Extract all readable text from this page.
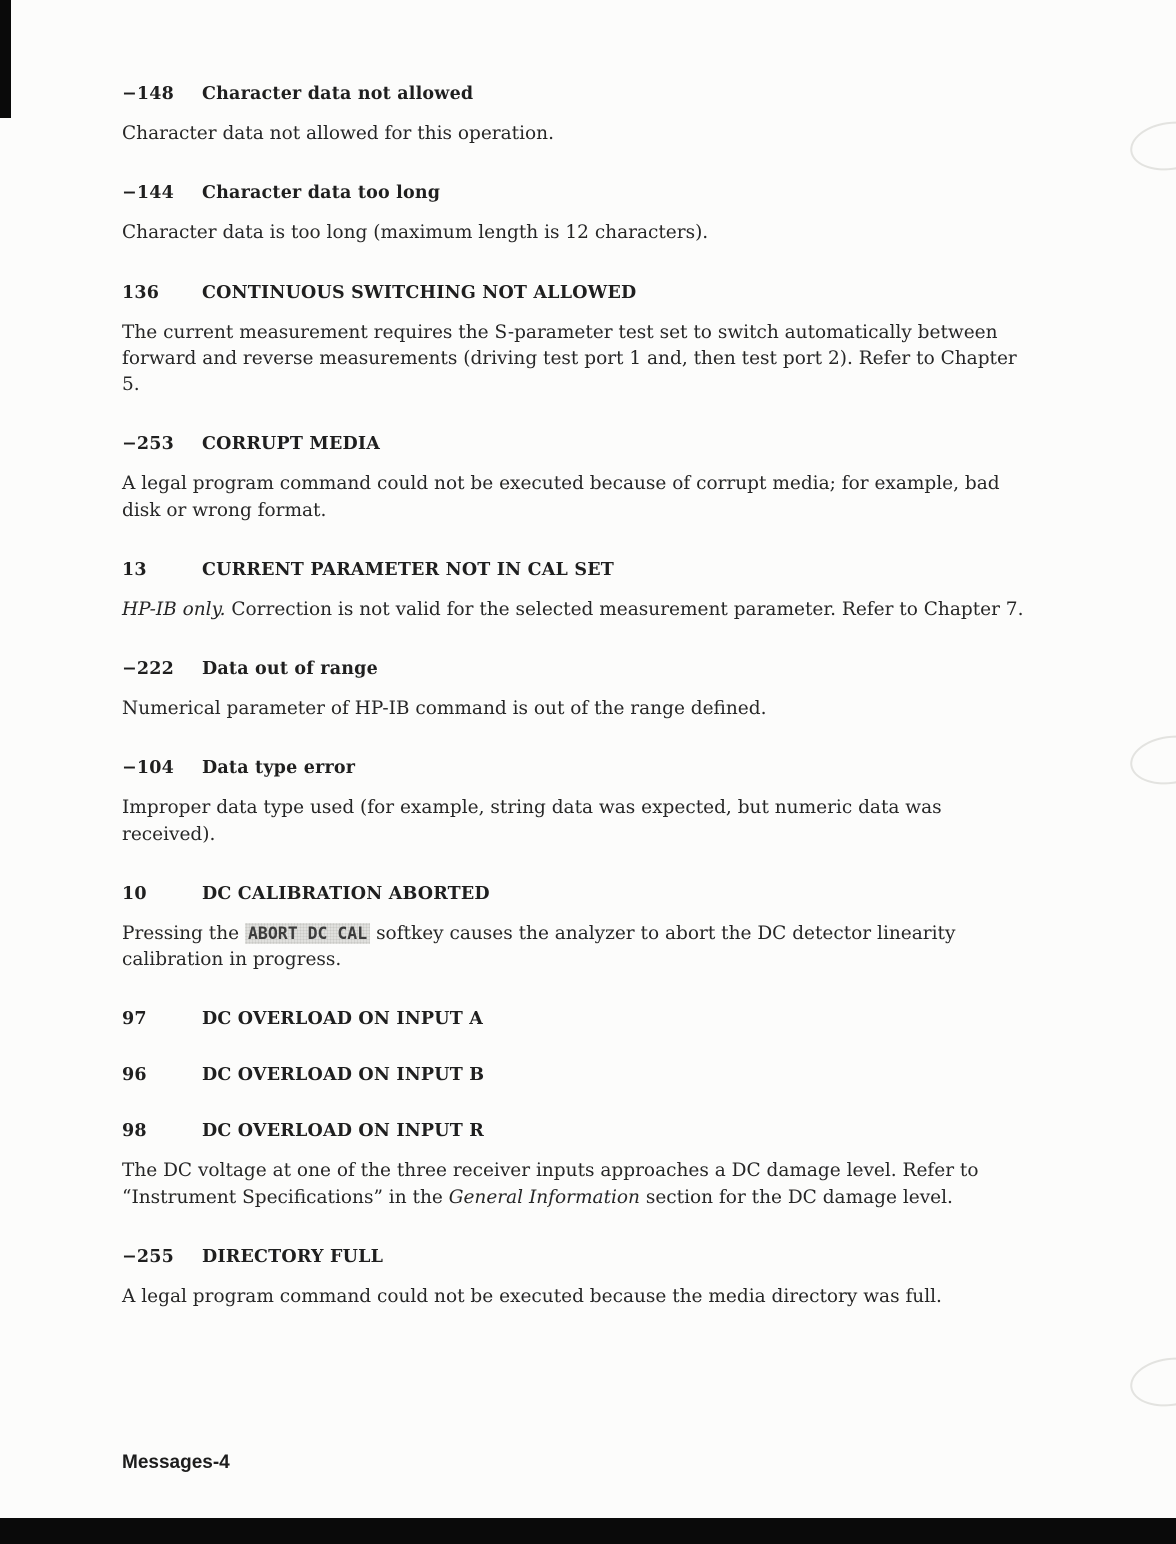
−148	Character data not allowed

Character data not allowed for this operation.

−144	Character data too long

Character data is too long (maximum length is 12 characters).

136	CONTINUOUS SWITCHING NOT ALLOWED

The current measurement requires the S-parameter test set to switch automatically between forward and reverse measurements (driving test port 1 and, then test port 2). Refer to Chapter 5.

−253	CORRUPT MEDIA

A legal program command could not be executed because of corrupt media; for example, bad disk or wrong format.

13	CURRENT PARAMETER NOT IN CAL SET

HP-IB only. Correction is not valid for the selected measurement parameter. Refer to Chapter 7.

−222	Data out of range

Numerical parameter of HP-IB command is out of the range defined.

−104	Data type error

Improper data type used (for example, string data was expected, but numeric data was received).

10	DC CALIBRATION ABORTED

Pressing the ABORT DC CAL softkey causes the analyzer to abort the DC detector linearity calibration in progress.

97	DC OVERLOAD ON INPUT A
96	DC OVERLOAD ON INPUT B
98	DC OVERLOAD ON INPUT R

The DC voltage at one of the three receiver inputs approaches a DC damage level. Refer to “Instrument Specifications” in the General Information section for the DC damage level.

−255	DIRECTORY FULL

A legal program command could not be executed because the media directory was full.

Messages-4
